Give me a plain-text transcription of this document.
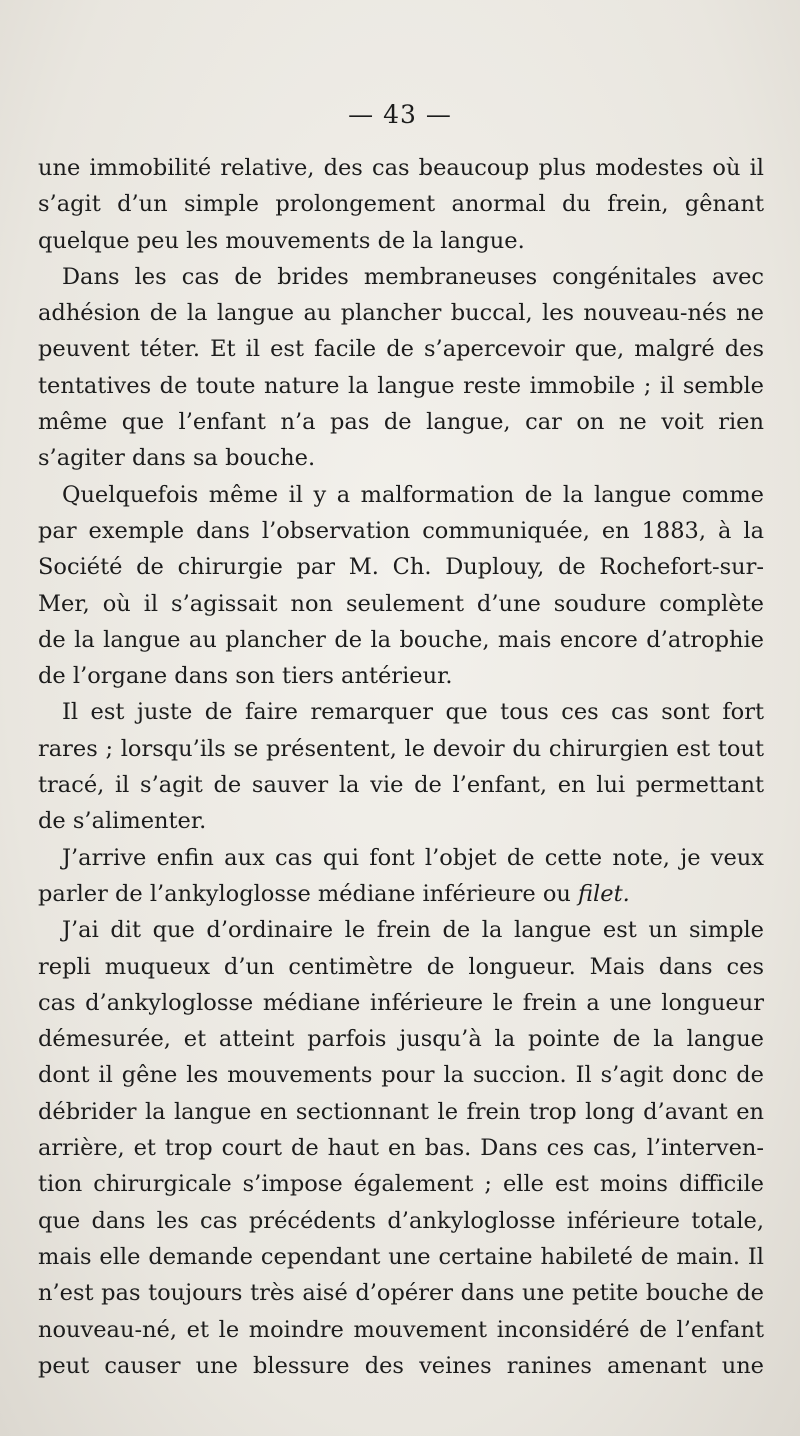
— 43 —
une immobilité relative, des cas beaucoup plus modestes où il
s’agit d’un simple prolongement anormal du frein, gênant
quelque peu les mouvements de la langue.
Dans les cas de brides membraneuses congénitales avec
adhésion de la langue au plancher buccal, les nouveau-nés ne
peuvent téter. Et il est facile de s’apercevoir que, malgré des
tentatives de toute nature la langue reste immobile ; il semble
même que l’enfant n’a pas de langue, car on ne voit rien
s’agiter dans sa bouche.
Quelquefois même il y a malformation de la langue comme
par exemple dans l’observation communiquée, en 1883, à la
Société de chirurgie par M. Ch. Duplouy, de Rochefort-sur-
Mer, où il s’agissait non seulement d’une soudure complète
de la langue au plancher de la bouche, mais encore d’atrophie
de l’organe dans son tiers antérieur.
Il est juste de faire remarquer que tous ces cas sont fort
rares ; lorsqu’ils se présentent, le devoir du chirurgien est tout
tracé, il s’agit de sauver la vie de l’enfant, en lui permettant
de s’alimenter.
J’arrive enfin aux cas qui font l’objet de cette note, je veux
parler de l’ankyloglosse médiane inférieure ou filet.
J’ai dit que d’ordinaire le frein de la langue est un simple
repli muqueux d’un centimètre de longueur. Mais dans ces
cas d’ankyloglosse médiane inférieure le frein a une longueur
démesurée, et atteint parfois jusqu’à la pointe de la langue
dont il gêne les mouvements pour la succion. Il s’agit donc de
débrider la langue en sectionnant le frein trop long d’avant en
arrière, et trop court de haut en bas. Dans ces cas, l’interven-
tion chirurgicale s’impose également ; elle est moins difficile
que dans les cas précédents d’ankyloglosse inférieure totale,
mais elle demande cependant une certaine habileté de main. Il
n’est pas toujours très aisé d’opérer dans une petite bouche de
nouveau-né, et le moindre mouvement inconsidéré de l’enfant
peut causer une blessure des veines ranines amenant une
